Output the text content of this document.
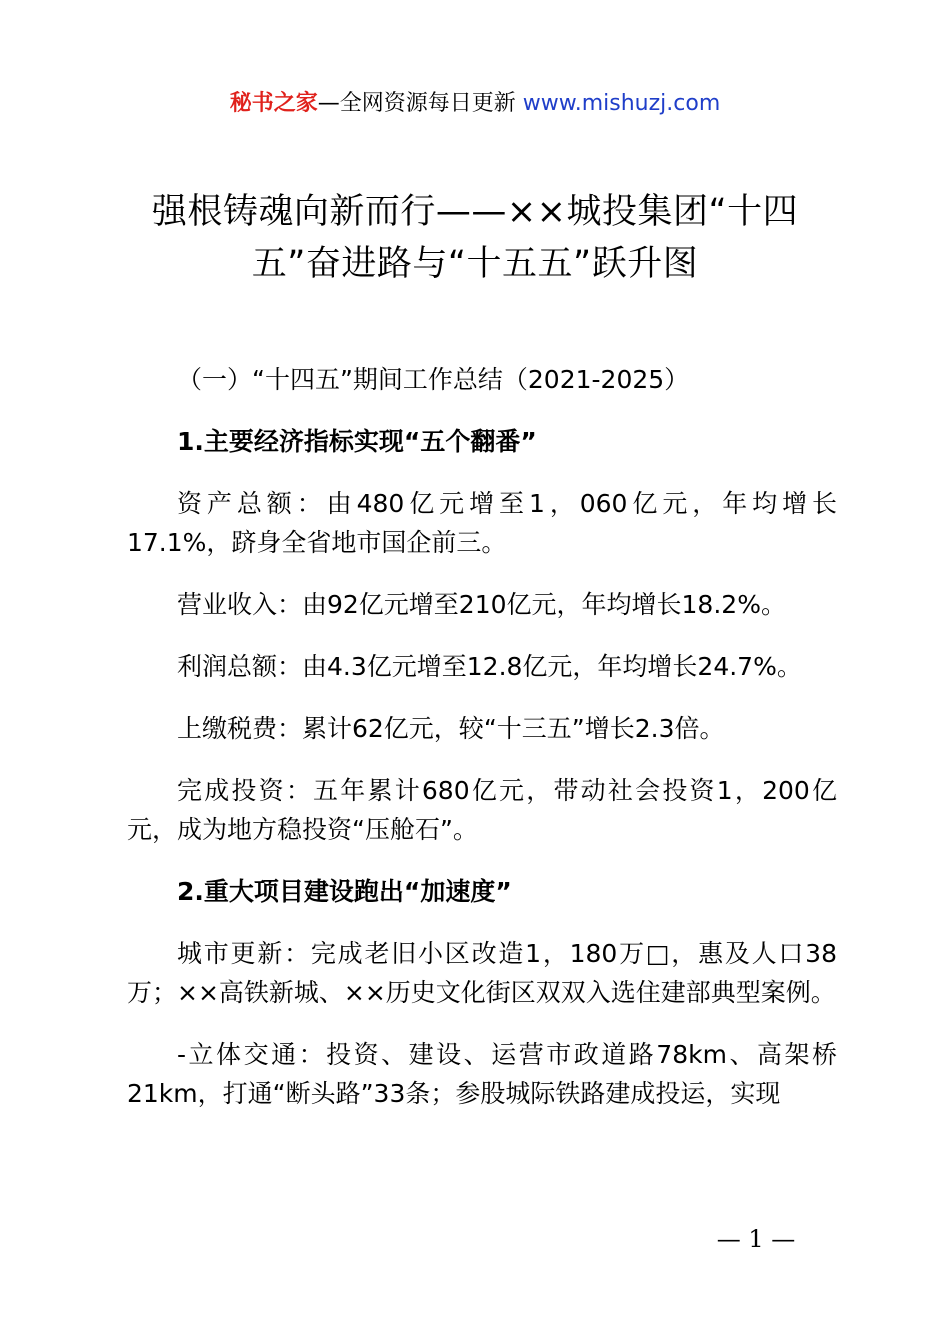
秘书之家—全网资源每日更新 www.mishuzj.com
强根铸魂向新而行——××城投集团“十四
五”奋进路与“十五五”跃升图

（一）“十四五”期间工作总结（2021-2025）

1.主要经济指标实现“五个翻番”

资产总额：由480亿元增至1，060亿元，年均增长17.1%，跻身全省地市国企前三。

营业收入：由92亿元增至210亿元，年均增长18.2%。

利润总额：由4.3亿元增至12.8亿元，年均增长24.7%。

上缴税费：累计62亿元，较“十三五”增长2.3倍。

完成投资：五年累计680亿元，带动社会投资1，200亿元，成为地方稳投资“压舱石”。

2.重大项目建设跑出“加速度”

城市更新：完成老旧小区改造1，180万□，惠及人口38万；××高铁新城、××历史文化街区双双入选住建部典型案例。

-立体交通：投资、建设、运营市政道路78km、高架桥21km，打通“断头路”33条；参股城际铁路建成投运，实现

— 1 —
